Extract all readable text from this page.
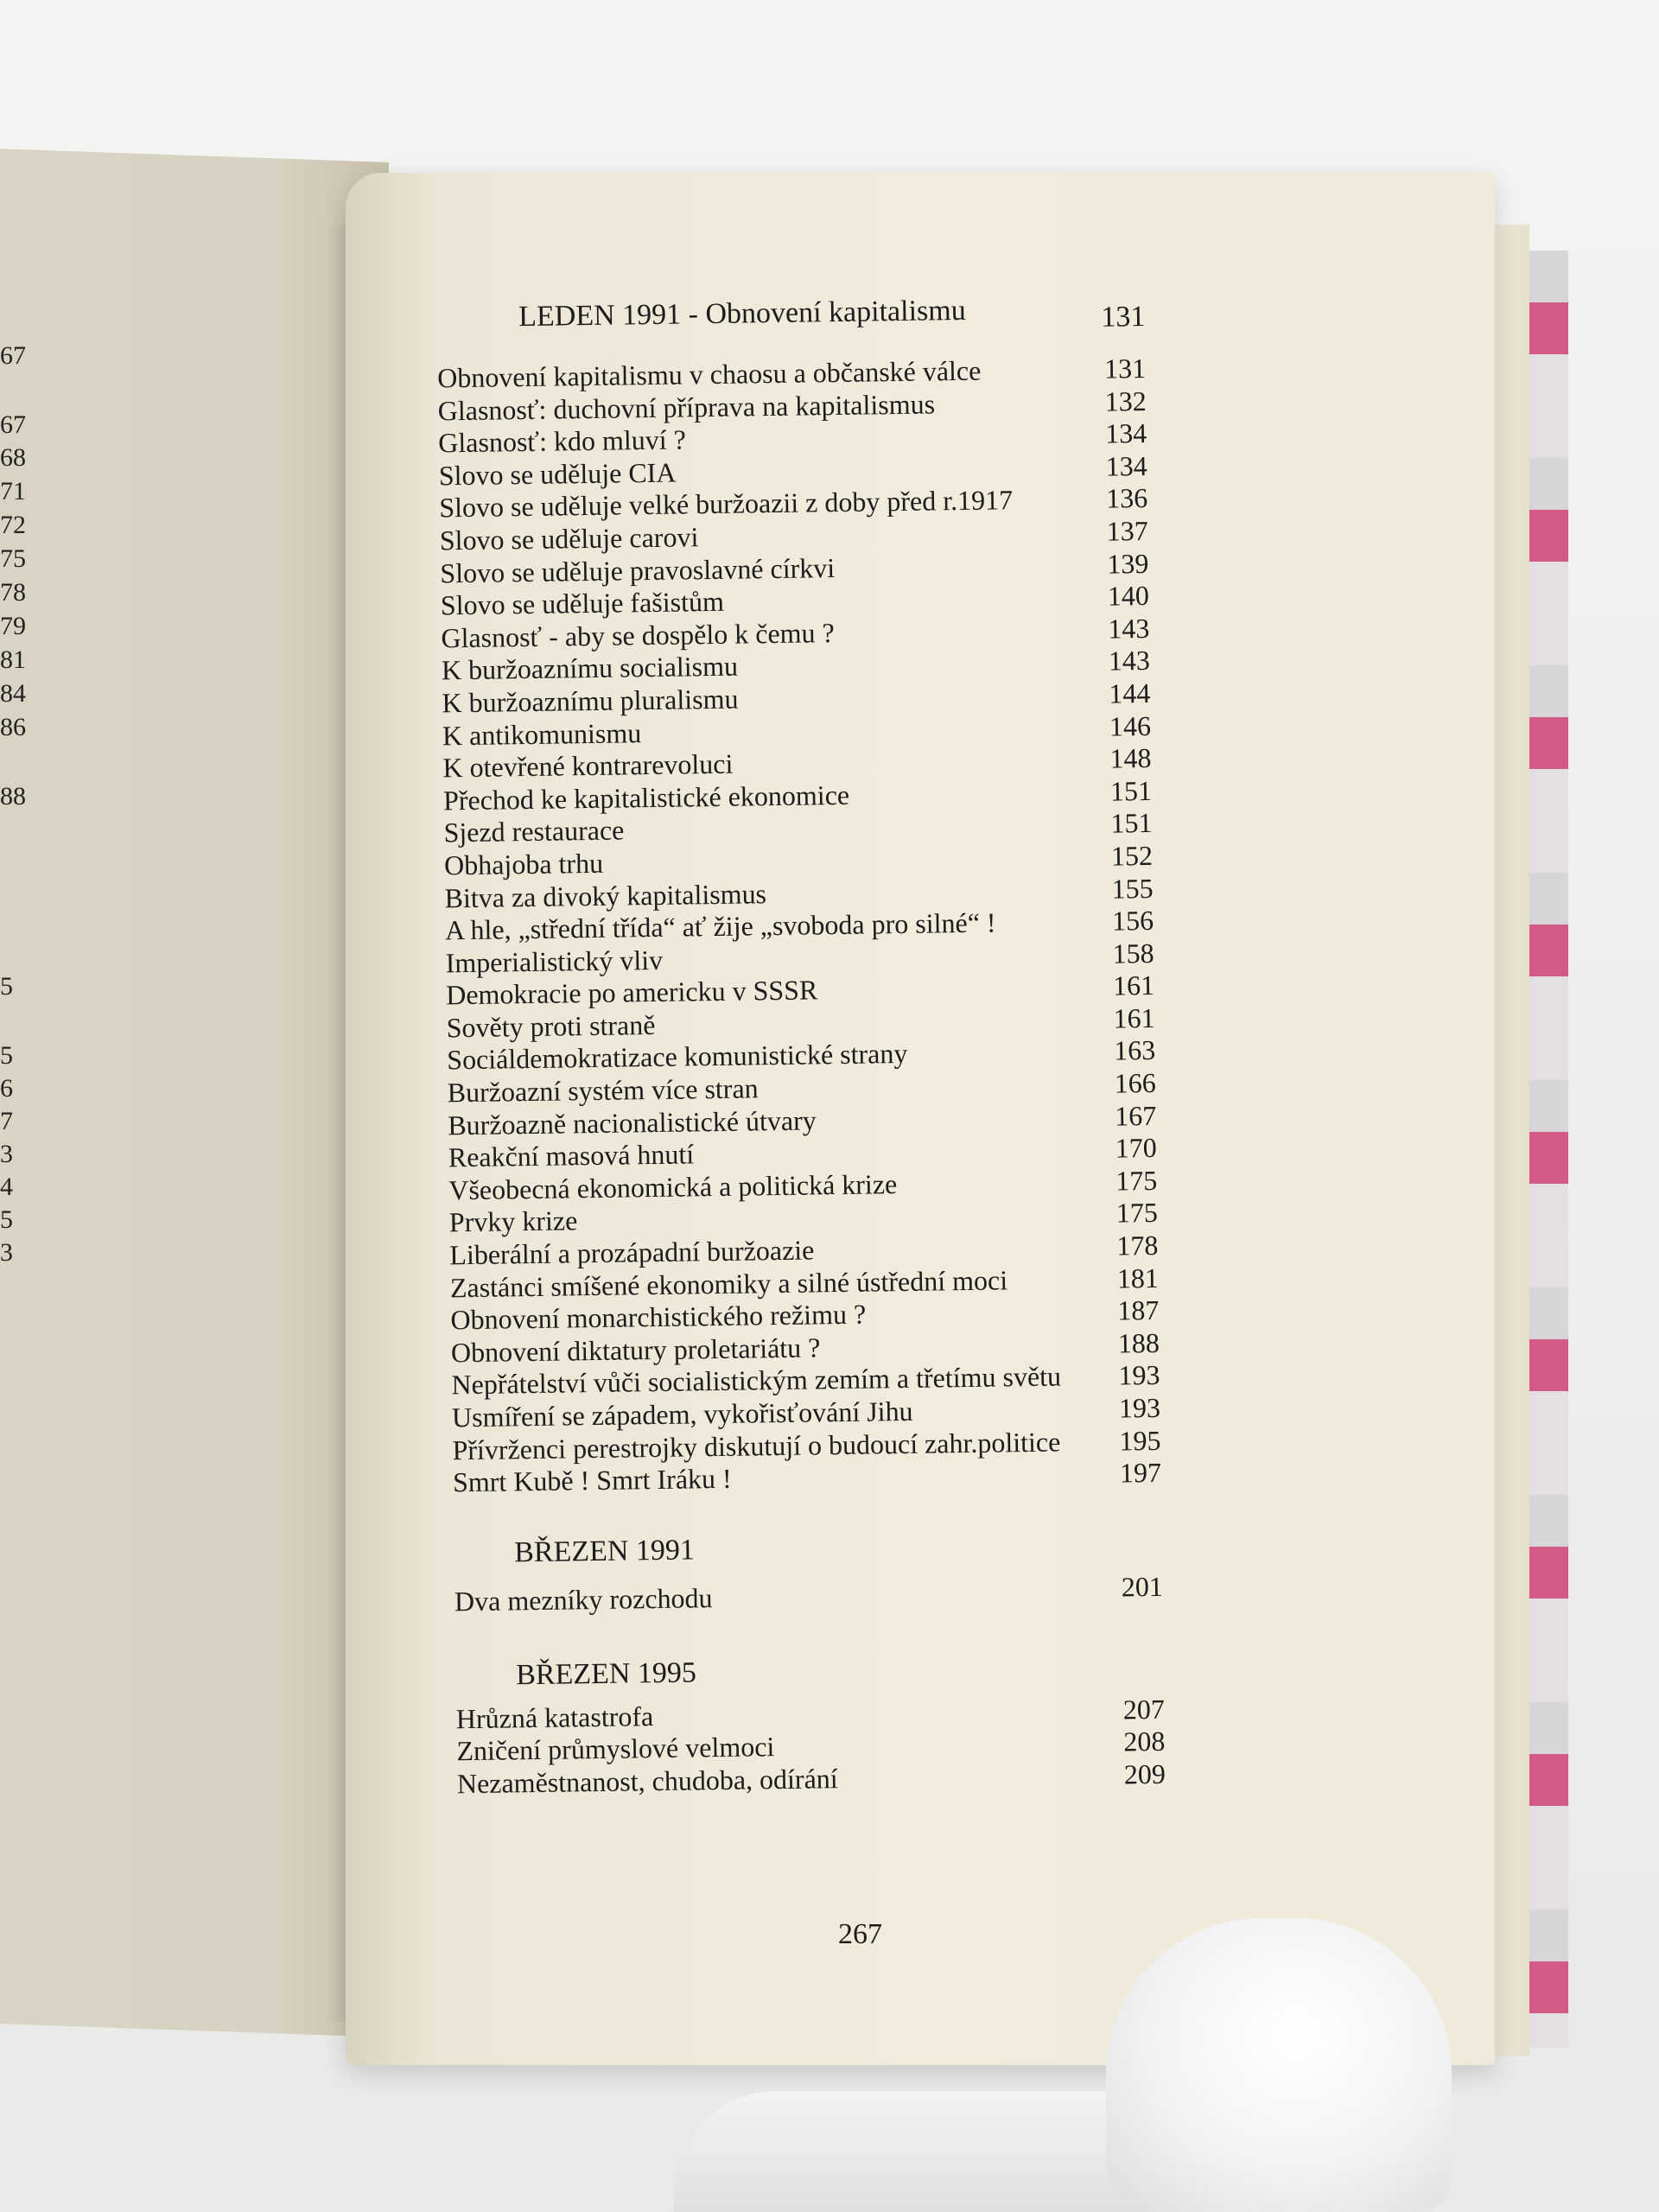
67
67
68
71
72
75
78
79
81
84
86
88
5
5
6
7
3
4
5
3
LEDEN 1991 - Obnovení kapitalismu	131
Obnovení kapitalismu v chaosu a občanské válce	131
Glasnosť: duchovní příprava na kapitalismus	132
Glasnosť: kdo mluví ?	134
Slovo se uděluje CIA	134
Slovo se uděluje velké buržoazii z doby před r.1917	136
Slovo se uděluje carovi	137
Slovo se uděluje pravoslavné církvi	139
Slovo se uděluje fašistům	140
Glasnosť - aby se dospělo k čemu ?	143
K buržoaznímu socialismu	143
K buržoaznímu pluralismu	144
K antikomunismu	146
K otevřené kontrarevoluci	148
Přechod ke kapitalistické ekonomice	151
Sjezd restaurace	151
Obhajoba trhu	152
Bitva za divoký kapitalismus	155
A hle, „střední třída“ ať žije „svoboda pro silné“ !	156
Imperialistický vliv	158
Demokracie po americku v SSSR	161
Sověty proti straně	161
Sociáldemokratizace komunistické strany	163
Buržoazní systém více stran	166
Buržoazně nacionalistické útvary	167
Reakční masová hnutí	170
Všeobecná ekonomická a politická krize	175
Prvky krize	175
Liberální a prozápadní buržoazie	178
Zastánci smíšené ekonomiky a silné ústřední moci	181
Obnovení monarchistického režimu ?	187
Obnovení diktatury proletariátu ?	188
Nepřátelství vůči socialistickým zemím a třetímu světu 193
Usmíření se západem, vykořisťování Jihu	193
Přívrženci perestrojky diskutují o budoucí zahr.politice 195
Smrt Kubě ! Smrt Iráku !	197
BŘEZEN 1991
Dva mezníky rozchodu	201
BŘEZEN 1995
Hrůzná katastrofa	207
Zničení průmyslové velmoci	208
Nezaměstnanost, chudoba, odírání	209
267
